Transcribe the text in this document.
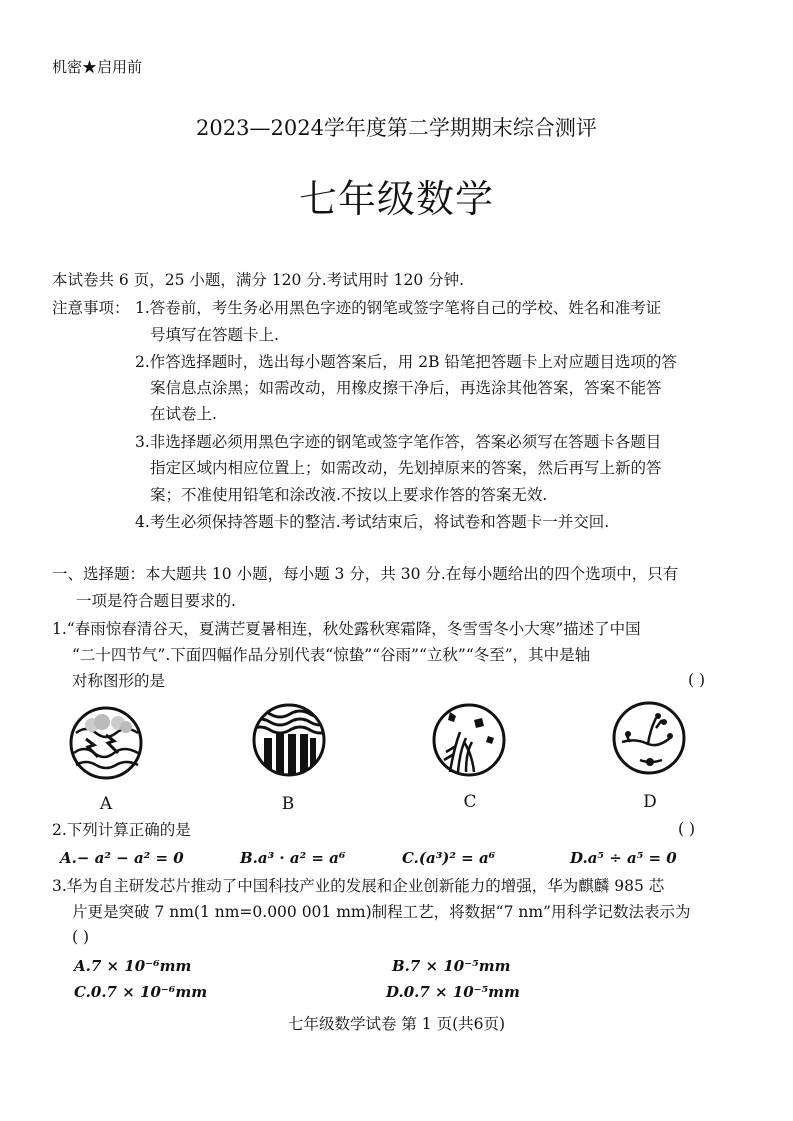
机密★启用前
2023—2024学年度第二学期期末综合测评
七年级数学
本试卷共 6 页，25 小题，满分 120 分.考试用时 120 分钟.
注意事项： 1.答卷前，考生务必用黑色字迹的钢笔或签字笔将自己的学校、姓名和准考证
号填写在答题卡上.
2.作答选择题时，选出每小题答案后，用 2B 铅笔把答题卡上对应题目选项的答
案信息点涂黑；如需改动，用橡皮擦干净后，再选涂其他答案，答案不能答
在试卷上.
3.非选择题必须用黑色字迹的钢笔或签字笔作答，答案必须写在答题卡各题目
指定区域内相应位置上；如需改动，先划掉原来的答案，然后再写上新的答
案；不准使用铅笔和涂改液.不按以上要求作答的答案无效.
4.考生必须保持答题卡的整洁.考试结束后，将试卷和答题卡一并交回.
一、选择题：本大题共 10 小题，每小题 3 分，共 30 分.在每小题给出的四个选项中，只有
一项是符合题目要求的.
1.“春雨惊春清谷天，夏满芒夏暑相连，秋处露秋寒霜降，冬雪雪冬小大寒”描述了中国
“二十四节气”.下面四幅作品分别代表“惊蛰”“谷雨”“立秋”“冬至”，其中是轴
对称图形的是	( )
A	B	C	D
2.下列计算正确的是	( )
A.− a² − a² = 0	B.a³ · a² = a⁶	C.(a³)² = a⁶	D.a⁵ ÷ a⁵ = 0
3.华为自主研发芯片推动了中国科技产业的发展和企业创新能力的增强，华为麒麟 985 芯
片更是突破 7 nm(1 nm=0.000 001 mm)制程工艺，将数据“7 nm”用科学记数法表示为
( )
A.7 × 10⁻⁶mm	B.7 × 10⁻⁵mm
C.0.7 × 10⁻⁶mm	D.0.7 × 10⁻⁵mm
七年级数学试卷 第 1 页(共6页)
